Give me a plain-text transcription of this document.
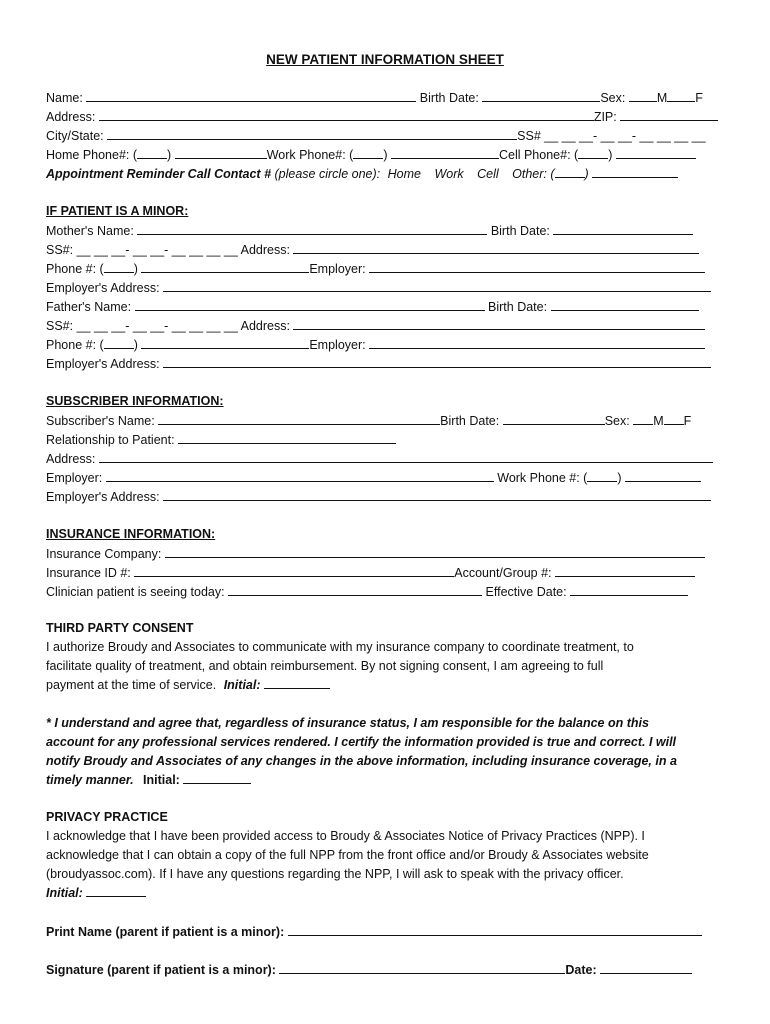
NEW PATIENT INFORMATION SHEET
Name:	Birth Date:	Sex:	M F
Address:	ZIP:
City/State:	SS# __ __ __- __ __- __ __ __ __
Home Phone#: ( )	Work Phone#: ( )	Cell Phone#: ( )
Appointment Reminder Call Contact # (please circle one): Home Work Cell Other: ( )
IF PATIENT IS A MINOR:
Mother's Name:	Birth Date:
SS#: __ __ __- __ __- __ __ __ __ Address:
Phone #: ( )	Employer:
Employer's Address:
Father's Name:	Birth Date:
SS#: __ __ __- __ __- __ __ __ __ Address:
Phone #: ( )	Employer:
Employer's Address:
SUBSCRIBER INFORMATION:
Subscriber's Name:	Birth Date:	Sex: M F
Relationship to Patient:
Address:
Employer:	Work Phone #: ( )
Employer's Address:
INSURANCE INFORMATION:
Insurance Company:
Insurance ID #:	Account/Group #:
Clinician patient is seeing today:	Effective Date:
THIRD PARTY CONSENT
I authorize Broudy and Associates to communicate with my insurance company to coordinate treatment, to
facilitate quality of treatment, and obtain reimbursement. By not signing consent, I am agreeing to full
payment at the time of service. Initial:
* I understand and agree that, regardless of insurance status, I am responsible for the balance on this
account for any professional services rendered. I certify the information provided is true and correct. I will
notify Broudy and Associates of any changes in the above information, including insurance coverage, in a
timely manner. Initial:
PRIVACY PRACTICE
I acknowledge that I have been provided access to Broudy & Associates Notice of Privacy Practices (NPP). I
acknowledge that I can obtain a copy of the full NPP from the front office and/or Broudy & Associates website
(broudyassoc.com). If I have any questions regarding the NPP, I will ask to speak with the privacy officer.
Initial:
Print Name (parent if patient is a minor):
Signature (parent if patient is a minor):	Date:
